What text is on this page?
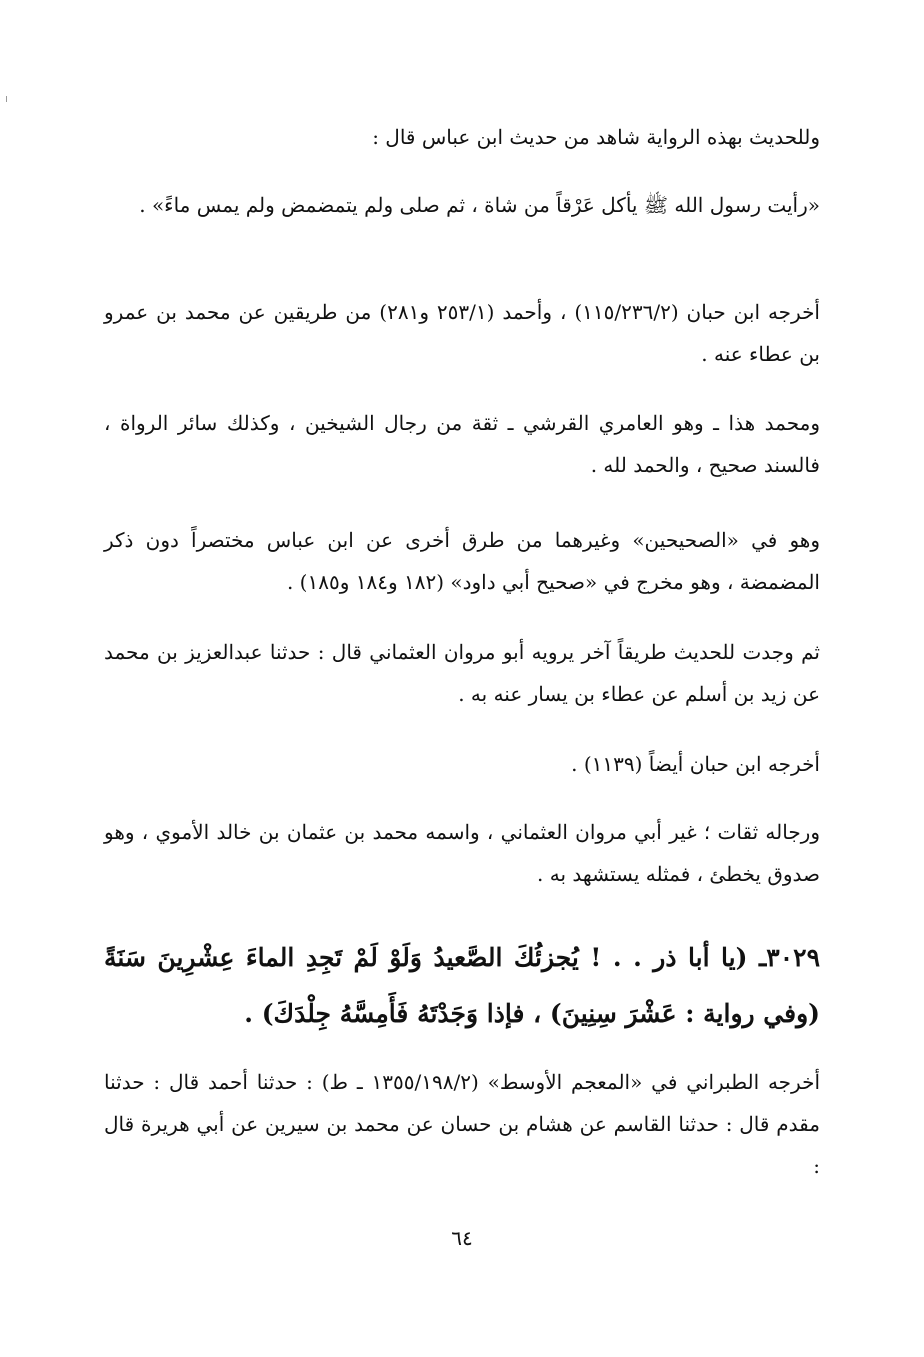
وللحديث بهذه الرواية شاهد من حديث ابن عباس قال :

«رأيت رسول الله ﷺ يأكل عَرْقاً من شاة ، ثم صلى ولم يتمضمض ولم يمس ماءً» .

أخرجه ابن حبان (١١٥/٢٣٦/٢) ، وأحمد (٢٥٣/١ و٢٨١) من طريقين عن محمد بن عمرو بن عطاء عنه .

ومحمد هذا ـ وهو العامري القرشي ـ ثقة من رجال الشيخين ، وكذلك سائر الرواة ، فالسند صحيح ، والحمد لله .

وهو في «الصحيحين» وغيرهما من طرق أخرى عن ابن عباس مختصراً دون ذكر المضمضة ، وهو مخرج في «صحيح أبي داود» (١٨٢ و١٨٤ و١٨٥) .

ثم وجدت للحديث طريقاً آخر يرويه أبو مروان العثماني قال : حدثنا عبدالعزيز بن محمد عن زيد بن أسلم عن عطاء بن يسار عنه به .

أخرجه ابن حبان أيضاً (١١٣٩) .

ورجاله ثقات ؛ غير أبي مروان العثماني ، واسمه محمد بن عثمان بن خالد الأموي ، وهو صدوق يخطئ ، فمثله يستشهد به .

٣٠٢٩ـ (يا أبا ذر . . ! يُجزئُكَ الصَّعيدُ وَلَوْ لَمْ تَجِدِ الماءَ عِشْرِينَ سَنَةً (وفي رواية : عَشْرَ سِنِينَ) ، فإذا وَجَدْتَهُ فَأَمِسَّهُ جِلْدَكَ) .

أخرجه الطبراني في «المعجم الأوسط» (١٣٥٥/١٩٨/٢ ـ ط) : حدثنا أحمد قال : حدثنا مقدم قال : حدثنا القاسم عن هشام بن حسان عن محمد بن سيرين عن أبي هريرة قال :

٦٤
